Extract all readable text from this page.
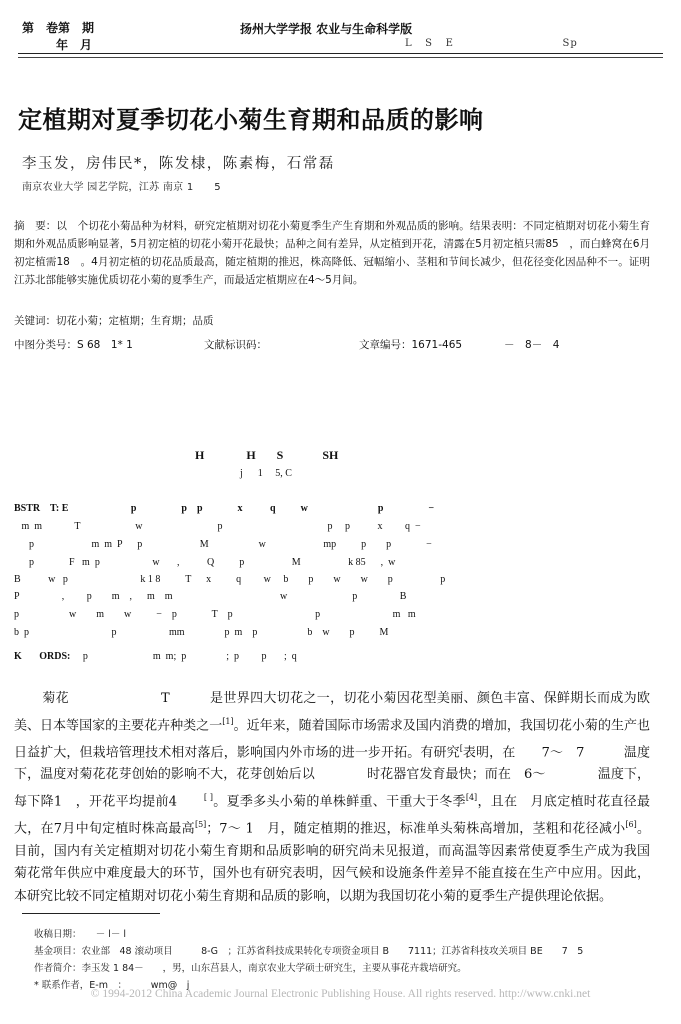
第　卷第　期
年　月
扬州大学学报 农业与生命科学版
L   S   E                          Sp
定植期对夏季切花小菊生育期和品质的影响
李玉发，房伟民*，陈发棣，陈素梅，石常磊
南京农业大学 园艺学院，江苏 南京 1　　5
摘　要：以　个切花小菊品种为材料，研究定植期对切花小菊夏季生产生育期和外观品质的影响。结果表明：不同定植期对切花小菊生育期和外观品质影响显著，5月初定植的切花小菊开花最快；品种之间有差异，从定植到开花，清露在5月初定植只需85　，而白蜂窝在6月初定植需18　。4月初定植的切花品质最高，随定植期的推迟，株高降低、冠幅缩小、茎粗和节间长减少，但花径变化因品种不一。证明江苏北部能够实施优质切花小菊的夏季生产，而最适定植期应在4～5月间。
关键词：切花小菊；定植期；生育期；品质
中图分类号：S 68　1* 1	文献标识码：	文章编号：1671-465　　　　－　8－　4
H              H       S             SH
j      1     5, C
BSTR    T: E                         p                  p    p              x           q          w                            p                  −
m  m             T                      w                              p                                          p     p           x         q  −
p                       m  m  P      p                       M                    w                       mp          p        p              −
p              F   m  p                     w       ,           Q          p                   M                   k 85      ,  w
B           w   p                             k 1 8          T      x          q         w     b        p        w        w        p                   p
P                 ,         p        m    ,      m    m                                           w                          p                 B
p                    w        m        w          −    p              T    p                                 p                             m   m
b  p                                 p                     mm                p  m    p                    b    w        p          M
K       ORDS: p                          m  m;  p                ;  p         p       ;  q
菊花	T	是世界四大切花之一，切花小菊因花型美丽、颜色丰富、保鲜期长而成为欧美、日本等国家的主要花卉种类之一[1]。近年来，随着国际市场需求及国内消费的增加，我国切花小菊的生产也日益扩大，但栽培管理技术相对落后，影响国内外市场的进一步开拓。有研究[表明，在　　7～　7　　　温度下，温度对菊花花芽创始的影响不大，花芽创始后以　　　　时花器官发育最快；而在　6～　　　　温度下，每下降1　，开花平均提前4　　[ ]。夏季多头小菊的单株鲜重、干重大于冬季[4]，且在　月底定植时花直径最大，在7月中旬定植时株高最高[5]；7～ 1　月，随定植期的推迟，标准单头菊株高增加，茎粗和花径减小[6]。目前，国内有关定植期对切花小菊生育期和品质影响的研究尚未见报道，而高温等因素常使夏季生产成为我国菊花常年供应中难度最大的环节，国外也有研究表明，因气候和设施条件差异不能直接在生产中应用。因此，本研究比较不同定植期对切花小菊生育期和品质的影响，以期为我国切花小菊的夏季生产提供理论依据。
收稿日期：　　－ l－ l
基金项目：农业部　48 滚动项目　　　8-G　；江苏省科技成果转化专项资金项目 B　　7111；江苏省科技攻关项目 BE　　7　5
作者简介：李玉发 1 84－　　，男，山东莒县人，南京农业大学硕士研究生，主要从事花卉栽培研究。
* 联系作者，E-m　：　　　wm@　j
© 1994-2012 China Academic Journal Electronic Publishing House. All rights reserved. http://www.cnki.net
